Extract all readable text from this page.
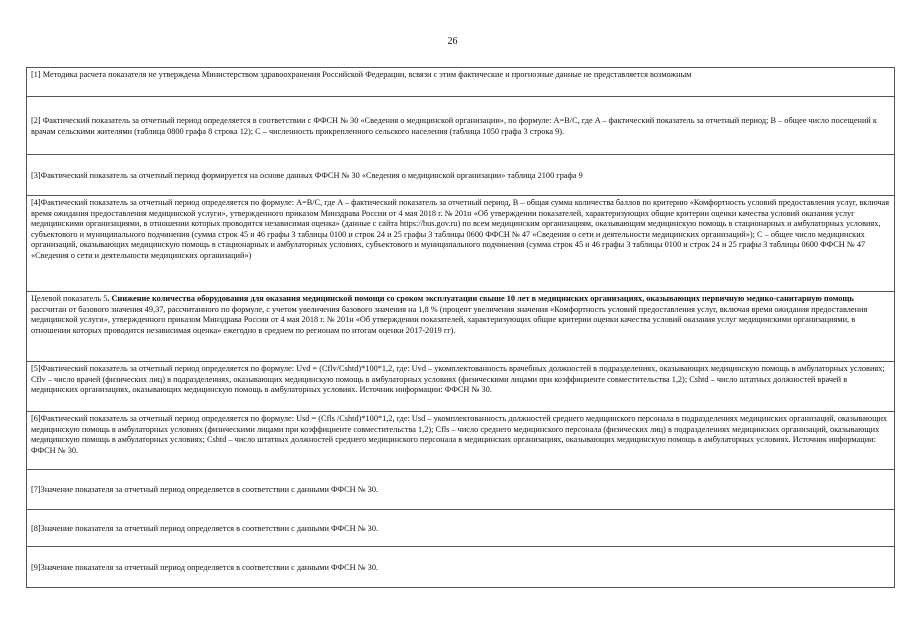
26

[1] Методика расчета показателя не утверждена Министерством здравоохранения Российской Федерации, всвязи с этим фактические и прогнозные данные не представляется возможным

[2] Фактический показатель за отчетный период определяется в соответствии с ФФСН № 30 «Сведения о медицинской организации», по формуле: A=B/C, где A – фактический показатель за отчетный период; B – общее число посещений к врачам сельскими жителями (таблица 0800 графа 8 строка 12); C – численность прикрепленного сельского населения (таблица 1050 графа 3 строка 9).

[3]Фактический показатель за отчетный период формируется на основе данных ФФСН № 30 «Сведения о медицинской организации» таблица 2100 графа 9

[4]Фактический показатель за отчетный период определяется по формуле: A=B/C, где A – фактический показатель за отчетный период, B – общая сумма количества баллов по критерию «Комфортность условий предоставления услуг, включая время ожидания предоставления медицинской услуги», утвержденного приказом Минздрава России от 4 мая 2018 г. № 201н «Об утверждении показателей, характеризующих общие критерии оценки качества условий оказания услуг медицинскими организациями, в отношении которых проводится независимая оценка» (данные с сайта https://bus.gov.ru) по всем медицинским организациям, оказывающим медицинскую помощь в стационарных и амбулаторных условиях, субъектового и муниципального подчинения (сумма строк 45 и 46 графы 3 таблицы 0100 и строк 24 и 25 графы 3 таблицы 0600 ФФСН № 47 «Сведения о сети и деятельности медицинских организаций»); C – общее число медицинских организаций, оказывающих медицинскую помощь в стационарных и амбулаторных условиях, субъектового и муниципального подчинения (сумма строк 45 и 46 графы 3 таблицы 0100 и строк 24 и 25 графы 3 таблицы 0600 ФФСН № 47 «Сведения о сети и деятельности медицинских организаций»)

Целевой показатель 5. Снижение количества оборудования для оказания медицинской помощи со сроком эксплуатации свыше 10 лет в медицинских организациях, оказывающих первичную медико-санитарную помощь рассчитан от базового значения 49,37, рассчитанного по формуле, с учетом увеличения базового значения на 1,8 % (процент увеличения значения «Комфортность условий предоставления услуг, включая время ожидания предоставления медицинской услуги», утвержденного приказом Минздрава России от 4 мая 2018 г. № 201н «Об утверждении показателей, характеризующих общие критерии оценки качества условий оказания услуг медицинскими организациями, в отношении которых проводится независимая оценка» ежегодно в среднем по регионам по итогам оценки 2017-2019 гг).

[5]Фактический показатель за отчетный период определяется по формуле: Uvd = (Cflv/Cshtd)*100*1,2, где: Uvd – укомплектованность врачебных должностей в подразделениях, оказывающих медицинскую помощь в амбулаторных условиях; Cflv – число врачей (физических лиц) в подразделениях, оказывающих медицинскую помощь в амбулаторных условиях (физическими лицами при коэффициенте совместительства 1,2); Cshtd – число штатных должностей врачей в медицинских организациях, оказывающих медицинскую помощь в амбулаторных условиях. Источник информации: ФФСН № 30.

[6]Фактический показатель за отчетный период определяется по формуле: Usd = (Cfls /Cshtd)*100*1,2, где: Usd – укомплектованность должностей среднего медицинского персонала в подразделениях медицинских организаций, оказывающих медицинскую помощь в амбулаторных условиях (физическими лицами при коэффициенте совместительства 1,2); Cfls – число среднего медицинского персонала (физических лиц) в подразделениях медицинских организаций, оказывающих медицинскую помощь в амбулаторных условиях; Cshtd – число штатных должностей среднего медицинского персонала в медицинских организациях, оказывающих медицинскую помощь в амбулаторных условиях. Источник информации: ФФСН № 30.

[7]Значение показателя за отчетный период определяется в соответствии с данными ФФСН № 30.

[8]Значение показателя за отчетный период определяется в соответствии с данными ФФСН № 30.

[9]Значение показателя за отчетный период определяется в соответствии с данными ФФСН № 30.
